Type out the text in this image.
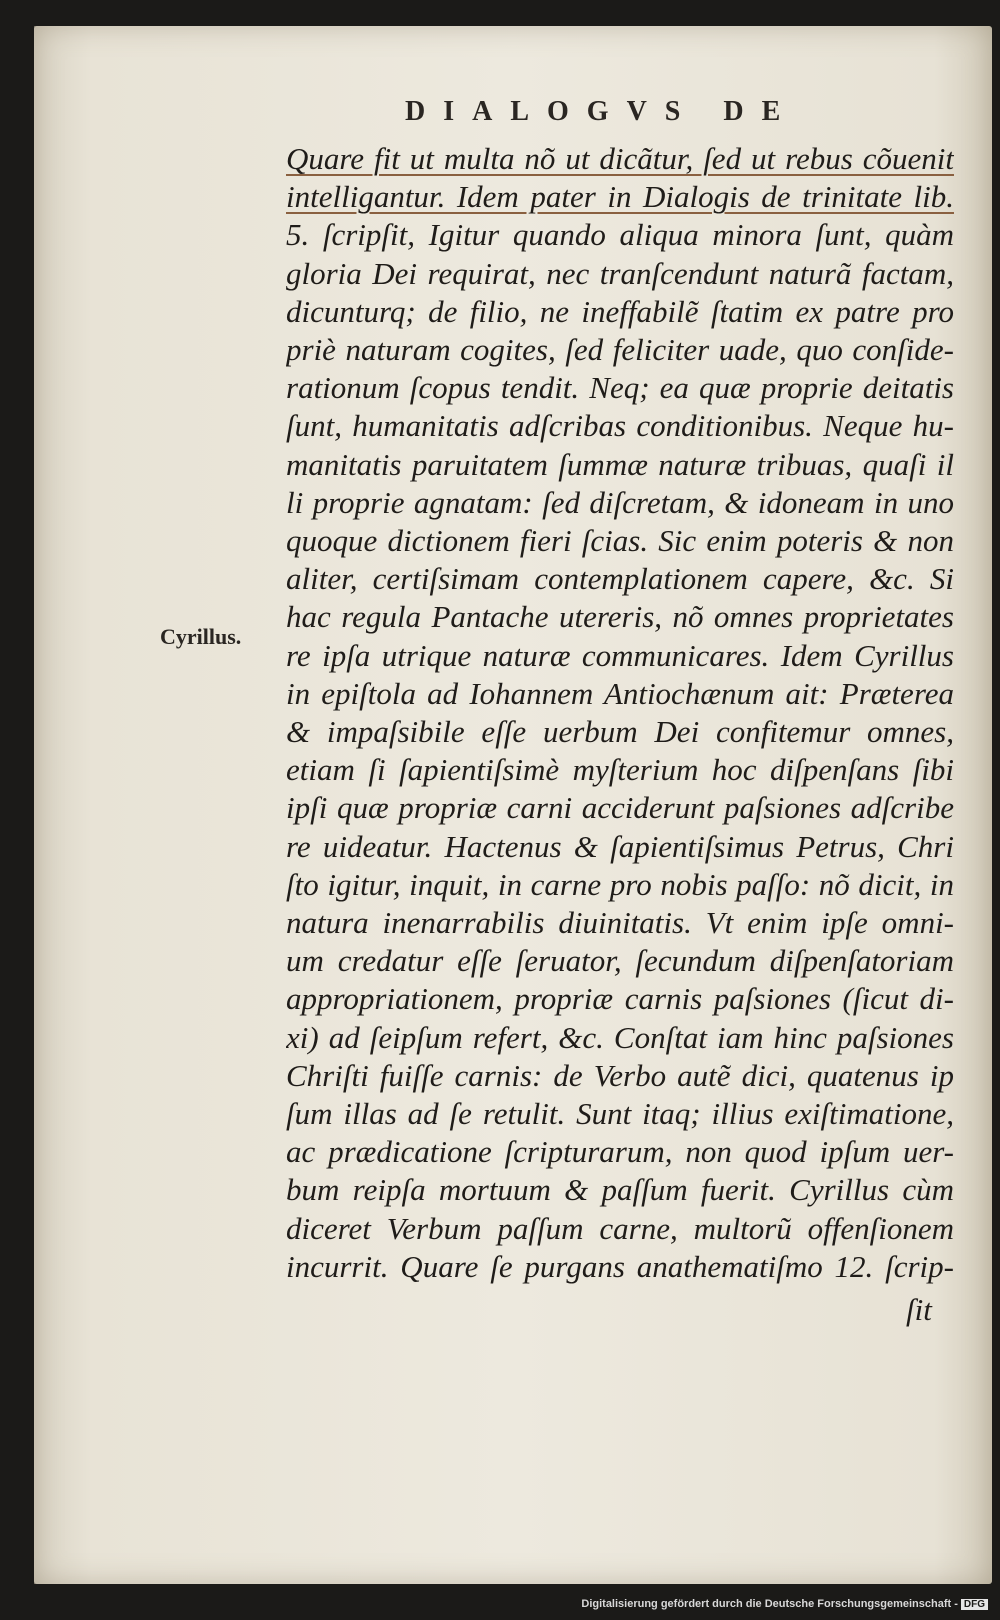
DIALOGVS DE
Cyrillus.
Quare fit ut multa nõ ut dicãtur, ſed ut rebus cõuenit
intelligantur. Idem pater in Dialogis de trinitate lib.
5. ſcripſit, Igitur quando aliqua minora ſunt, quàm
gloria Dei requirat, nec tranſcendunt naturã factam,
dicunturq; de filio, ne ineffabilẽ ſtatim ex patre pro
priè naturam cogites, ſed feliciter uade, quo conſide-
rationum ſcopus tendit. Neq; ea quæ proprie deitatis
ſunt, humanitatis adſcribas conditionibus. Neque hu-
manitatis paruitatem ſummæ naturæ tribuas, quaſi il
li proprie agnatam: ſed diſcretam, & idoneam in uno
quoque dictionem fieri ſcias. Sic enim poteris & non
aliter, certiſsimam contemplationem capere, &c. Si
hac regula Pantache utereris, nõ omnes proprietates
re ipſa utrique naturæ communicares. Idem Cyrillus
in epiſtola ad Iohannem Antiochænum ait: Præterea
& impaſsibile eſſe uerbum Dei confitemur omnes,
etiam ſi ſapientiſsimè myſterium hoc diſpenſans ſibi
ipſi quæ propriæ carni acciderunt paſsiones adſcribe
re uideatur. Hactenus & ſapientiſsimus Petrus, Chri
ſto igitur, inquit, in carne pro nobis paſſo: nõ dicit, in
natura inenarrabilis diuinitatis. Vt enim ipſe omni-
um credatur eſſe ſeruator, ſecundum diſpenſatoriam
appropriationem, propriæ carnis paſsiones (ſicut di-
xi) ad ſeipſum refert, &c. Conſtat iam hinc paſsiones
Chriſti fuiſſe carnis: de Verbo autẽ dici, quatenus ip
ſum illas ad ſe retulit. Sunt itaq; illius exiſtimatione,
ac prædicatione ſcripturarum, non quod ipſum uer-
bum reipſa mortuum & paſſum fuerit. Cyrillus cùm
diceret Verbum paſſum carne, multorũ offenſionem
incurrit. Quare ſe purgans anathematiſmo 12. ſcrip-
ſit
Digitalisierung gefördert durch die Deutsche Forschungsgemeinschaft - DFG
